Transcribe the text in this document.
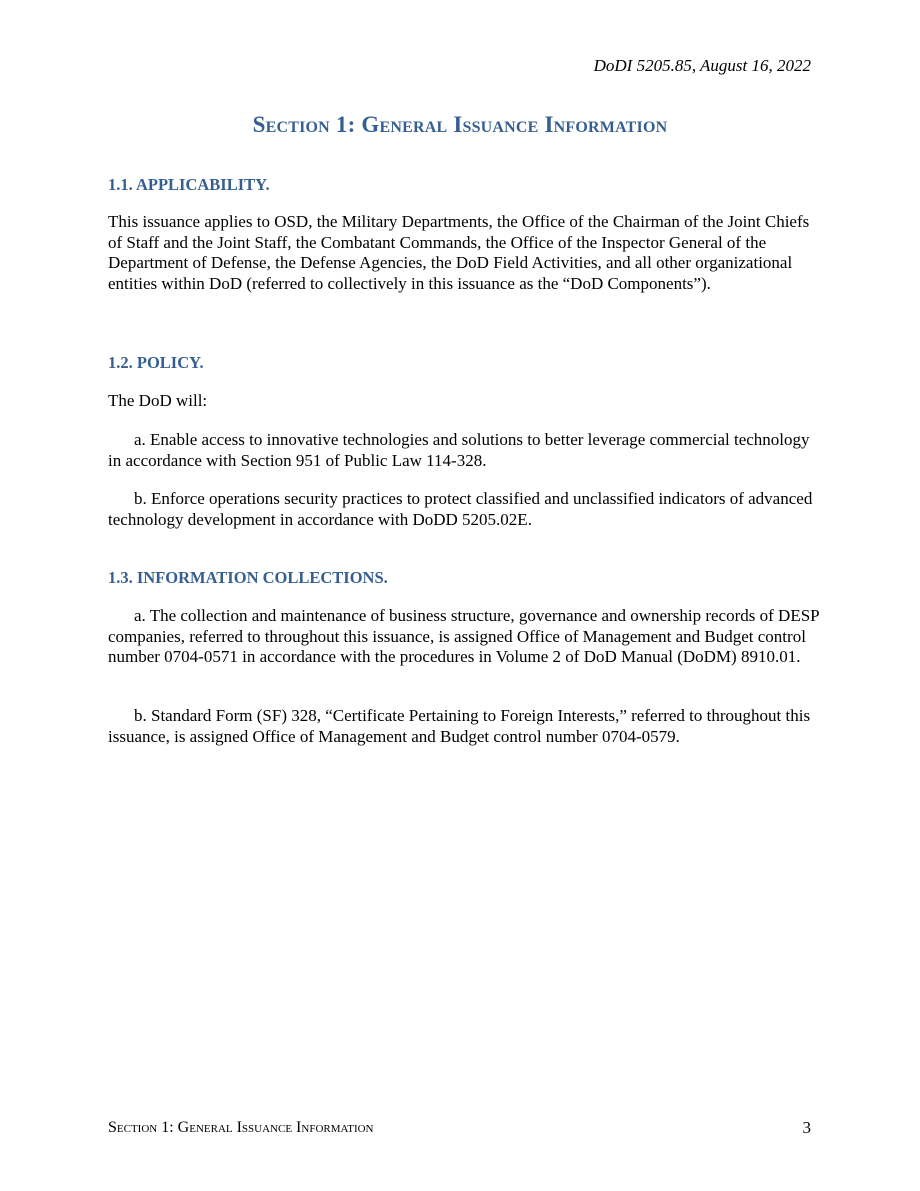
DoDI 5205.85, August 16, 2022
Section 1: General Issuance Information

1.1. APPLICABILITY.

This issuance applies to OSD, the Military Departments, the Office of the Chairman of the Joint Chiefs of Staff and the Joint Staff, the Combatant Commands, the Office of the Inspector General of the Department of Defense, the Defense Agencies, the DoD Field Activities, and all other organizational entities within DoD (referred to collectively in this issuance as the “DoD Components”).

1.2. POLICY.

The DoD will:

a. Enable access to innovative technologies and solutions to better leverage commercial technology in accordance with Section 951 of Public Law 114-328.

b. Enforce operations security practices to protect classified and unclassified indicators of advanced technology development in accordance with DoDD 5205.02E.

1.3. INFORMATION COLLECTIONS.

a. The collection and maintenance of business structure, governance and ownership records of DESP companies, referred to throughout this issuance, is assigned Office of Management and Budget control number 0704-0571 in accordance with the procedures in Volume 2 of DoD Manual (DoDM) 8910.01.

b. Standard Form (SF) 328, “Certificate Pertaining to Foreign Interests,” referred to throughout this issuance, is assigned Office of Management and Budget control number 0704-0579.

Section 1: General Issuance Information	3
